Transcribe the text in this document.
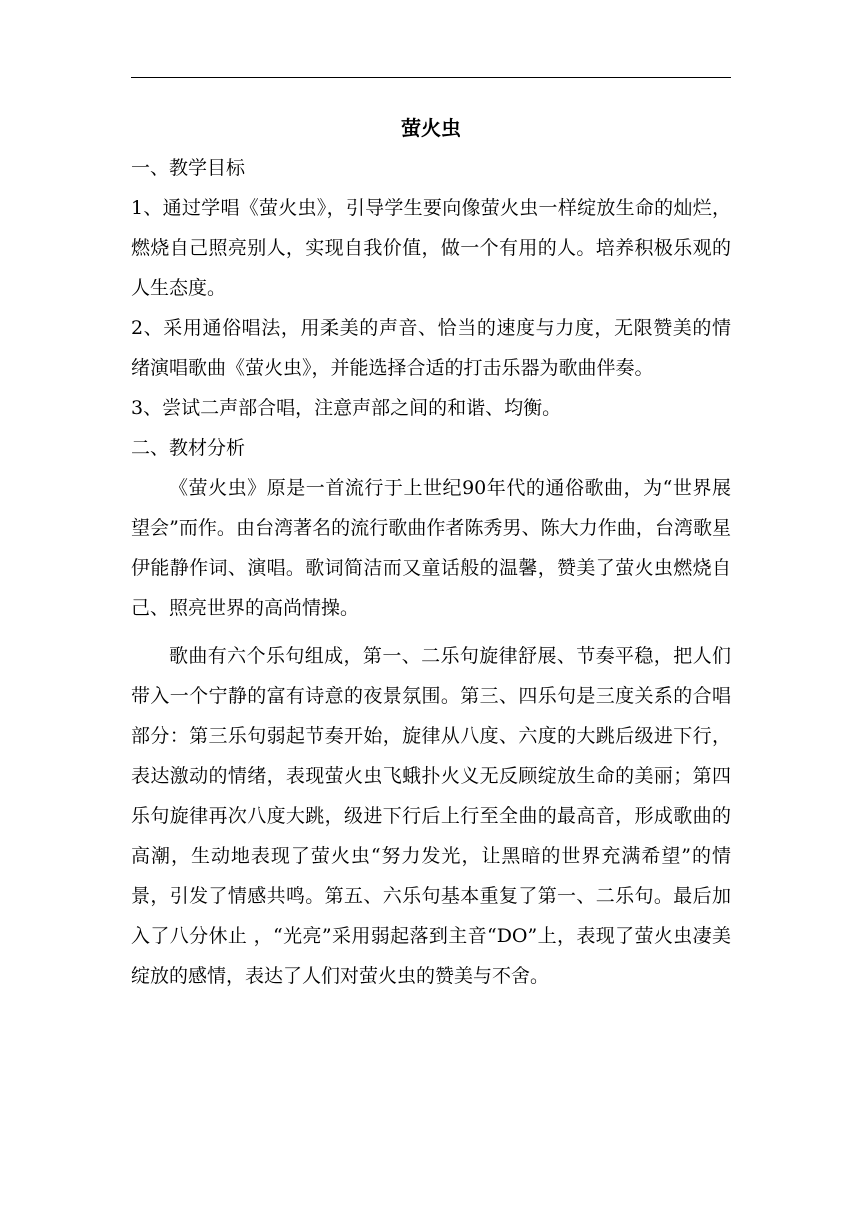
萤火虫
一、教学目标

1、通过学唱《萤火虫》，引导学生要向像萤火虫一样绽放生命的灿烂，燃烧自己照亮别人，实现自我价值，做一个有用的人。培养积极乐观的人生态度。

2、采用通俗唱法，用柔美的声音、恰当的速度与力度，无限赞美的情绪演唱歌曲《萤火虫》，并能选择合适的打击乐器为歌曲伴奏。

3、尝试二声部合唱，注意声部之间的和谐、均衡。

二、教材分析

《萤火虫》原是一首流行于上世纪90年代的通俗歌曲，为“世界展望会”而作。由台湾著名的流行歌曲作者陈秀男、陈大力作曲，台湾歌星伊能静作词、演唱。歌词简洁而又童话般的温馨，赞美了萤火虫燃烧自己、照亮世界的高尚情操。

歌曲有六个乐句组成，第一、二乐句旋律舒展、节奏平稳，把人们带入一个宁静的富有诗意的夜景氛围。第三、四乐句是三度关系的合唱部分：第三乐句弱起节奏开始，旋律从八度、六度的大跳后级进下行，表达激动的情绪，表现萤火虫飞蛾扑火义无反顾绽放生命的美丽；第四乐句旋律再次八度大跳，级进下行后上行至全曲的最高音，形成歌曲的高潮，生动地表现了萤火虫“努力发光，让黑暗的世界充满希望”的情景，引发了情感共鸣。第五、六乐句基本重复了第一、二乐句。最后加入了八分休止 ，“光亮”采用弱起落到主音“DO”上，表现了萤火虫凄美绽放的感情，表达了人们对萤火虫的赞美与不舍。
